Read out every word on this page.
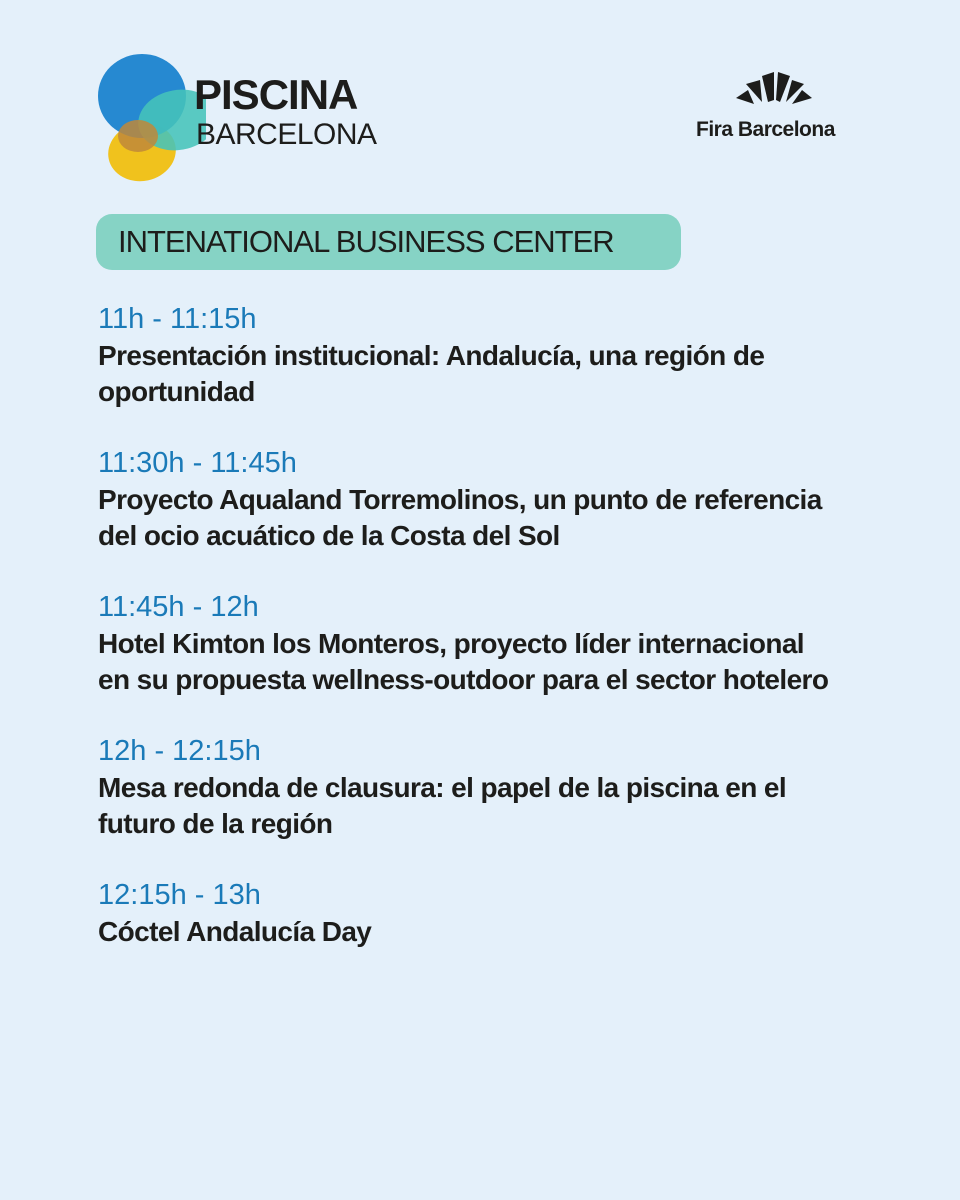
PISCINA
BARCELONA	Fira Barcelona
INTENATIONAL BUSINESS CENTER
11h - 11:15h
Presentación institucional: Andalucía, una región de
oportunidad
11:30h - 11:45h
Proyecto Aqualand Torremolinos, un punto de referencia
del ocio acuático de la Costa del Sol
11:45h - 12h
Hotel Kimton los Monteros, proyecto líder internacional
en su propuesta wellness-outdoor para el sector hotelero
12h - 12:15h
Mesa redonda de clausura: el papel de la piscina en el
futuro de la región
12:15h - 13h
Cóctel Andalucía Day
